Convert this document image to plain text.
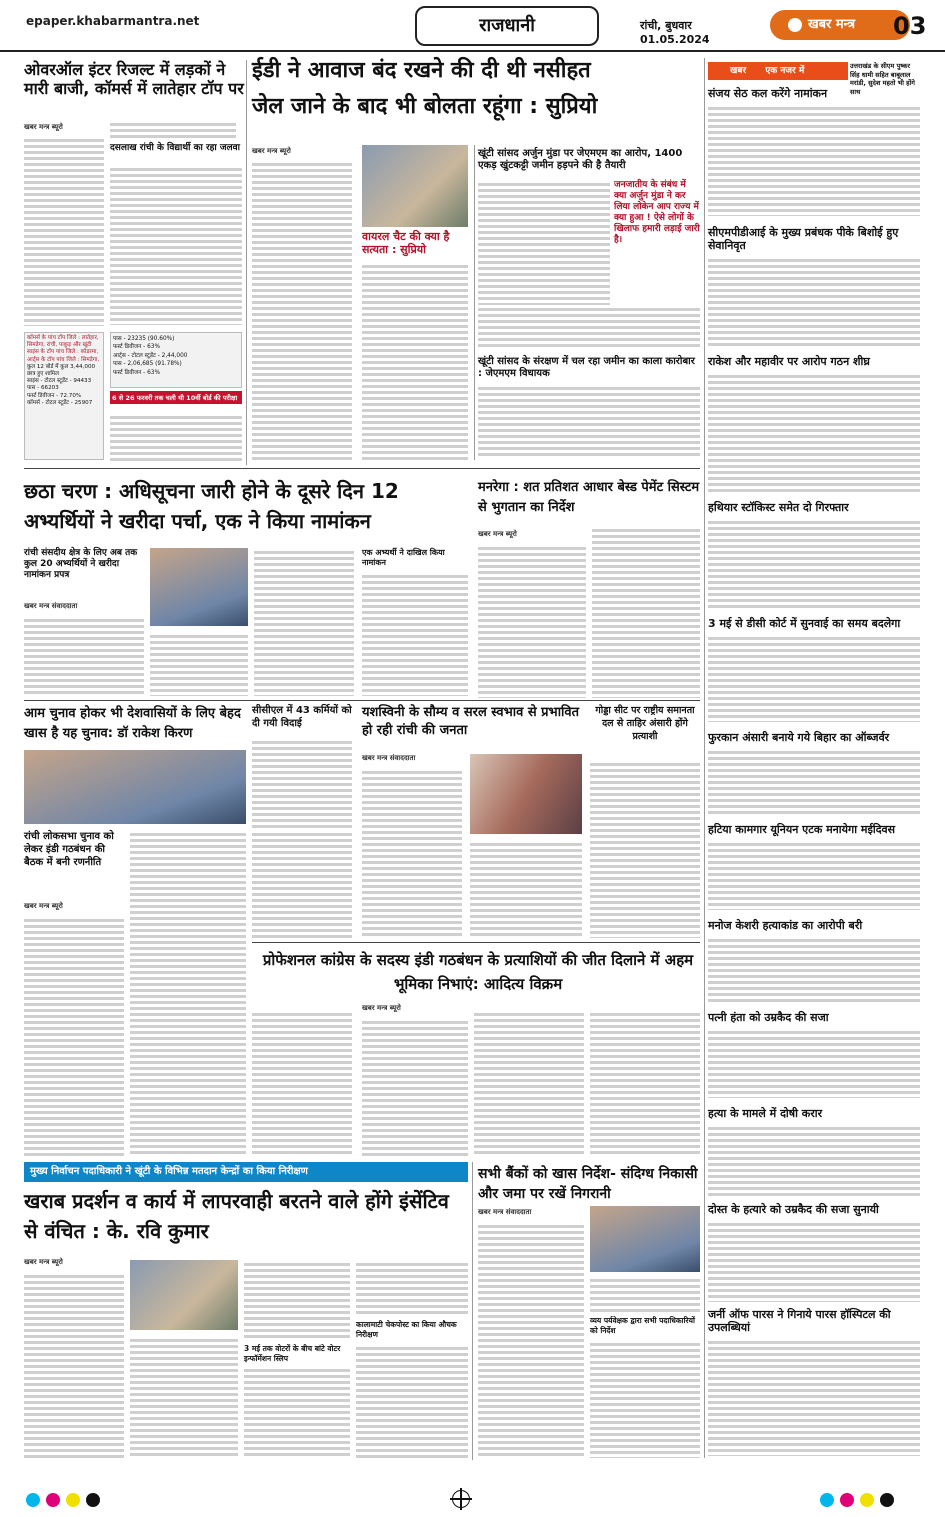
epaper.khabarmantra.net	राजधानी	रांची, बुधवार
01.05.2024
खबर मन्त्र	03
ओवरऑल इंटर रिजल्ट में लड़कों ने मारी बाजी, कॉमर्स में लातेहार टॉप पर
खबर मन्त्र ब्यूरो
दसलाख रांची के विद्यार्थी का रहा जलवा
कॉमर्स के पांच टॉप जिले : लातेहार,
सिमडेगा, रांची, पाकुड़ और खूंटी
साइंस के टॉप पांच जिले : कोडरमा,
आर्ट्स के टॉप पांच जिले : सिमडेगा,
कुल 12 बोर्ड में कुल 3,44,000 छात्र हुए शामिल
साइंस - टोटल स्टूडेंट - 94433
पास - 66203
फर्स्ट डिवीजन - 72.70%
कॉमर्स - टोटल स्टूडेंट - 25907
पास - 23235 (90.60%)
फर्स्ट डिवीजन - 63%
आर्ट्स - टोटल स्टूडेंट - 2,44,000
पास - 2,06,685 (91.78%)
फर्स्ट डिवीजन - 63%
6 से 26 फरवरी तक चली थी 10वीं बोर्ड की परीक्षा
ईडी ने आवाज बंद रखने की दी थी नसीहत
जेल जाने के बाद भी बोलता रहूंगा : सुप्रियो
खबर मन्त्र ब्यूरो
वायरल चैट की क्या है सत्यता : सुप्रियो
खूंटी सांसद अर्जुन मुंडा पर जेएमएम का आरोप, 1400 एकड़ खुंटकट्टी जमीन हड़पने की है तैयारी
जनजातीय के संबंध में क्या अर्जुन मुंडा ने कर लिया लोकेन आप राज्य में क्या हुआ ! ऐसे लोगों के खिलाफ हमारी लड़ाई जारी है।
खूंटी सांसद के संरक्षण में चल रहा जमीन का काला कारोबार : जेएमएम विधायक
खबर एक नजर में	उत्तराखंड के सीएम पुष्कर सिंह धामी सहित बाबूलाल मरांडी, सुदेश महतो भी होंगे साथ
संजय सेठ कल करेंगे नामांकन
सीएमपीडीआई के मुख्य प्रबंधक पीके बिशोई हुए सेवानिवृत
राकेश और महावीर पर आरोप गठन शीघ्र
हथियार स्टॉकिस्ट समेत दो गिरफ्तार
3 मई से डीसी कोर्ट में सुनवाई का समय बदलेगा
फुरकान अंसारी बनाये गये बिहार का ऑब्जर्वर
हटिया कामगार यूनियन एटक मनायेगा मईदिवस
मनोज केशरी हत्याकांड का आरोपी बरी
पत्नी हंता को उम्रकैद की सजा
हत्या के मामले में दोषी करार
दोस्त के हत्यारे को उम्रकैद की सजा सुनायी
जर्नी ऑफ पारस ने गिनाये पारस हॉस्पिटल की उपलब्धियां
छठा चरण : अधिसूचना जारी होने के दूसरे दिन 12 अभ्यर्थियों ने खरीदा पर्चा, एक ने किया नामांकन
रांची संसदीय क्षेत्र के लिए अब तक कुल 20 अभ्यर्थियों ने खरीदा नामांकन प्रपत्र
खबर मन्त्र संवाददाता
एक अभ्यर्थी ने दाखिल किया नामांकन
मनरेगा : शत प्रतिशत आधार बेस्ड पेमेंट सिस्टम से भुगतान का निर्देश
खबर मन्त्र ब्यूरो
आम चुनाव होकर भी देशवासियों के लिए बेहद खास है यह चुनाव: डॉ राकेश किरण
रांची लोकसभा चुनाव को लेकर इंडी गठबंधन की बैठक में बनी रणनीति
खबर मन्त्र ब्यूरो
सीसीएल में 43 कर्मियों को दी गयी विदाई
यशस्विनी के सौम्य व सरल स्वभाव से प्रभावित हो रही रांची की जनता
खबर मन्त्र संवाददाता
गोड्डा सीट पर राष्ट्रीय समानता दल से ताहिर अंसारी होंगे प्रत्याशी
प्रोफेशनल कांग्रेस के सदस्य इंडी गठबंधन के प्रत्याशियों की जीत दिलाने में अहम भूमिका निभाएं: आदित्य विक्रम
खबर मन्त्र ब्यूरो
मुख्य निर्वाचन पदाधिकारी ने खूंटी के विभिन्न मतदान केन्द्रों का किया निरीक्षण
खराब प्रदर्शन व कार्य में लापरवाही बरतने वाले होंगे इंसेंटिव से वंचित : के. रवि कुमार
खबर मन्त्र ब्यूरो
3 मई तक वोटरों के बीच बांटे वोटर इन्फॉर्मेशन स्लिप
कालामाटी चेकपोस्ट का किया औचक निरीक्षण
सभी बैंकों को खास निर्देश- संदिग्ध निकासी और जमा पर रखें निगरानी
खबर मन्त्र संवाददाता
व्यय पर्यवेक्षक द्वारा सभी पदाधिकारियों को निर्देश
